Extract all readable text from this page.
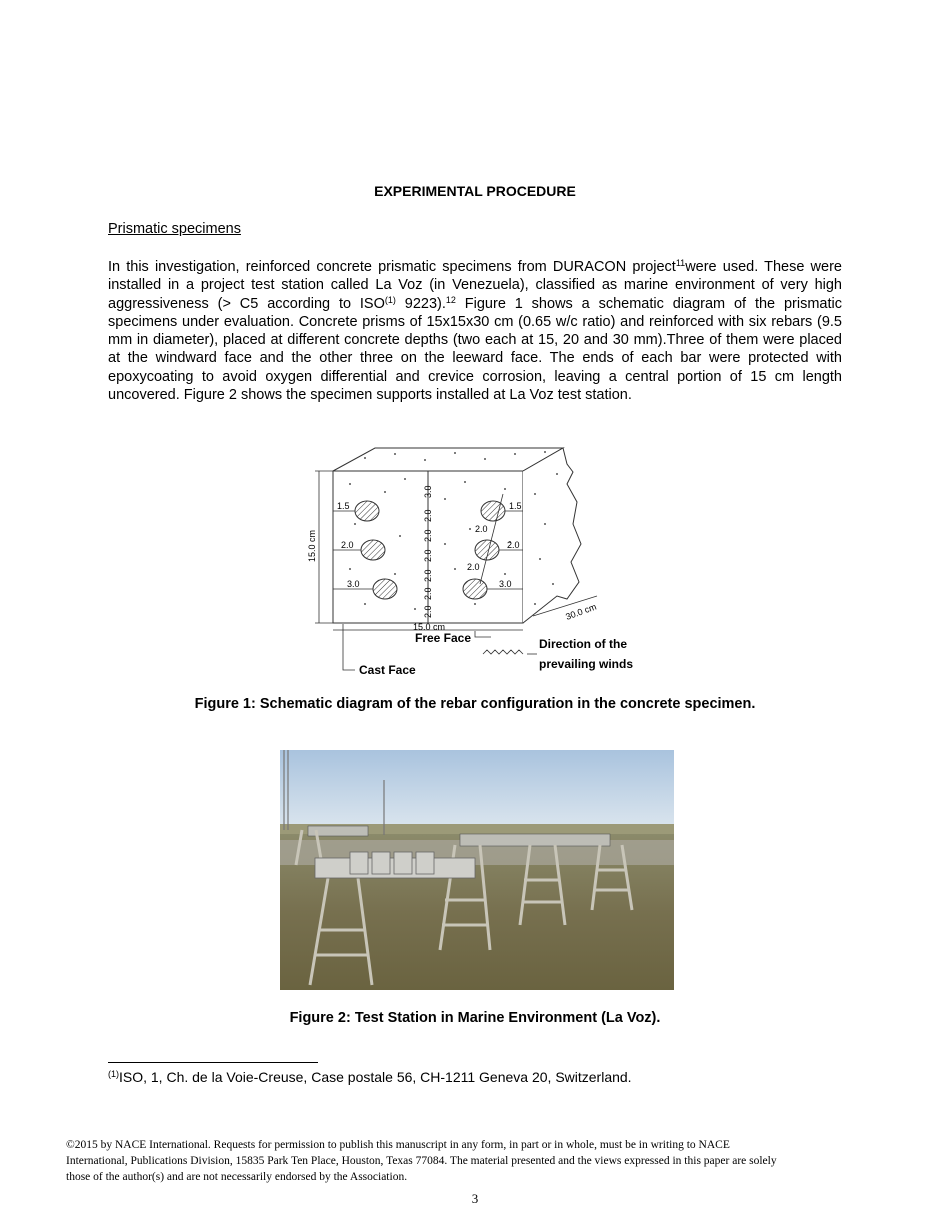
EXPERIMENTAL PROCEDURE
Prismatic specimens
In this investigation, reinforced concrete prismatic specimens from DURACON project$^{11}$were used. These were installed in a project test station called La Voz (in Venezuela), classified as marine environment of very high aggressiveness (> C5 according to ISO$^{(1)}$ 9223).$^{12}$ Figure 1 shows a schematic diagram of the prismatic specimens under evaluation. Concrete prisms of 15x15x30 cm (0.65 w/c ratio) and reinforced with six rebars (9.5 mm in diameter), placed at different concrete depths (two each at 15, 20 and 30 mm).Three of them were placed at the windward face and the other three on the leeward face. The ends of each bar were protected with epoxycoating to avoid oxygen differential and crevice corrosion, leaving a central portion of 15 cm length uncovered. Figure 2 shows the specimen supports installed at La Voz test station.
15.0 cm
1.5
2.0
3.0
1.5
2.0
3.0
2.0
2.0
3.0
2.0
2.0
2.0
2.0
2.0
2.0
15.0 cm
30.0 cm
Free Face
Cast Face
Direction of the
prevailing winds
Figure 1: Schematic diagram of the rebar configuration in the concrete specimen.
Figure 2: Test Station in Marine Environment (La Voz).
$^{(1)}$ISO, 1, Ch. de la Voie-Creuse, Case postale 56, CH-1211 Geneva 20, Switzerland.
©2015 by NACE International. Requests for permission to publish this manuscript in any form, in part or in whole, must be in writing to NACE International, Publications Division, 15835 Park Ten Place, Houston, Texas 77084. The material presented and the views expressed in this paper are solely those of the author(s) and are not necessarily endorsed by the Association.
3
